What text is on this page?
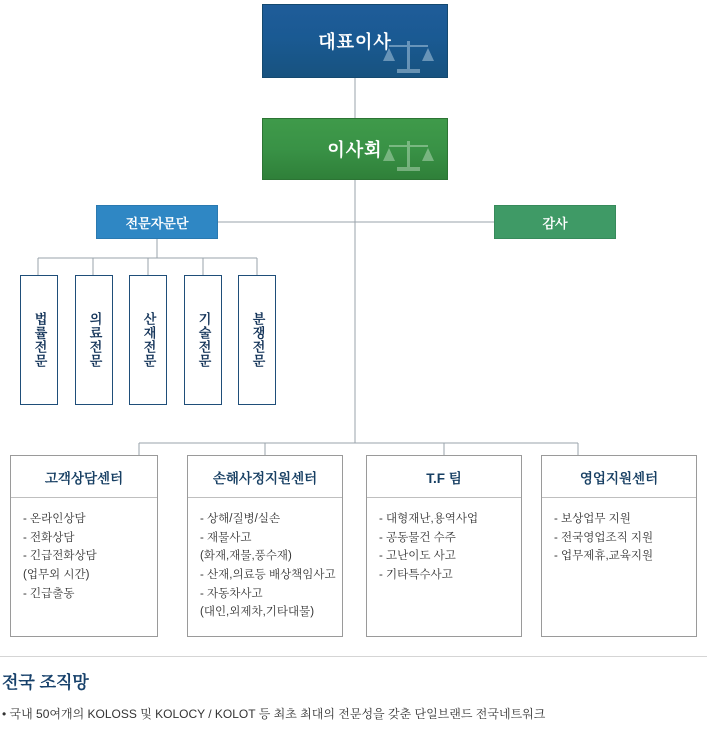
대표이사
이사회
전문자문단	감사
법률전문	의료전문	산재전문	기술전문	분쟁전문
고객상담센터
- 온라인상담
- 전화상담
- 긴급전화상담
(업무외 시간)
- 긴급출동
손해사정지원센터
- 상해/질병/실손
- 재물사고
(화재,재물,풍수재)
- 산재,의료등 배상책임사고
- 자동차사고
(대인,외제차,기타대물)
T.F 팀
- 대형재난,용역사업
- 공동물건 수주
- 고난이도 사고
- 기타특수사고
영업지원센터
- 보상업무 지원
- 전국영업조직 지원
- 업무제휴,교육지원
전국 조직망

• 국내 50여개의 KOLOSS 및 KOLOCY / KOLOT 등 최초 최대의 전문성을 갖춘 단일브랜드 전국네트워크
